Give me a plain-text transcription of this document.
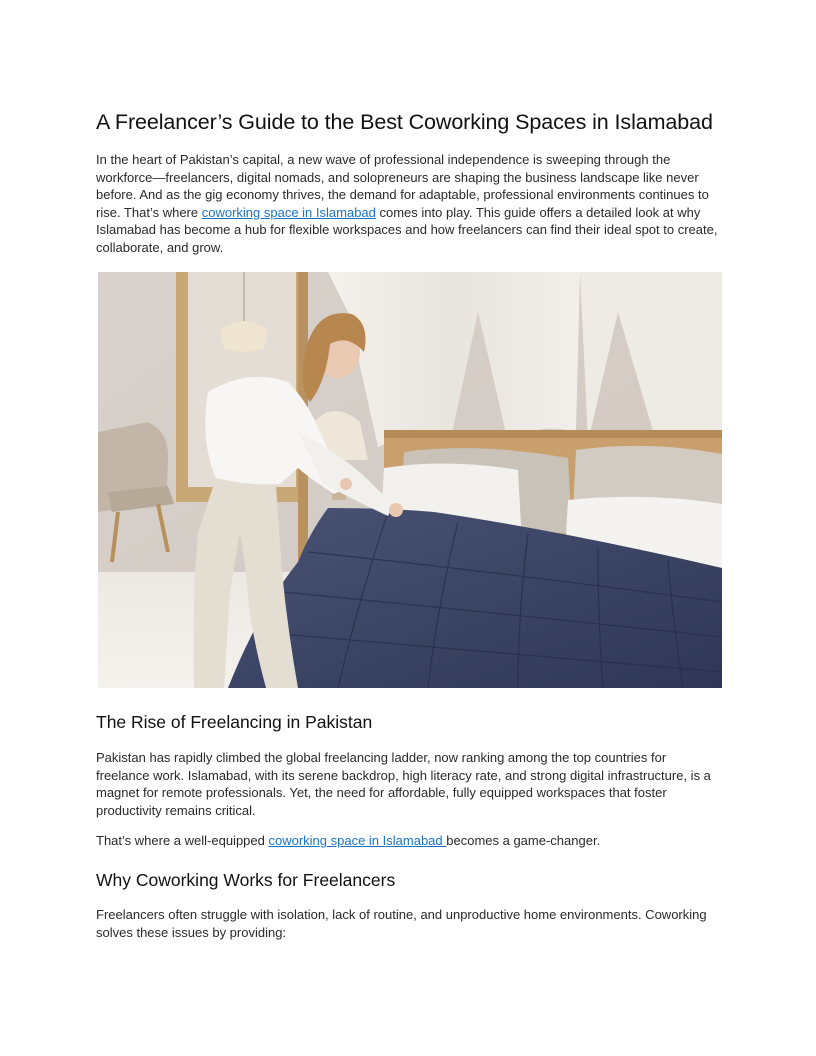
A Freelancer’s Guide to the Best Coworking Spaces in Islamabad

In the heart of Pakistan’s capital, a new wave of professional independence is sweeping through the workforce—freelancers, digital nomads, and solopreneurs are shaping the business landscape like never before. And as the gig economy thrives, the demand for adaptable, professional environments continues to rise. That’s where coworking space in Islamabad comes into play. This guide offers a detailed look at why Islamabad has become a hub for flexible workspaces and how freelancers can find their ideal spot to create, collaborate, and grow.

The Rise of Freelancing in Pakistan

Pakistan has rapidly climbed the global freelancing ladder, now ranking among the top countries for freelance work. Islamabad, with its serene backdrop, high literacy rate, and strong digital infrastructure, is a magnet for remote professionals. Yet, the need for affordable, fully equipped workspaces that foster productivity remains critical.

That’s where a well-equipped coworking space in Islamabad becomes a game-changer.

Why Coworking Works for Freelancers

Freelancers often struggle with isolation, lack of routine, and unproductive home environments. Coworking solves these issues by providing:
